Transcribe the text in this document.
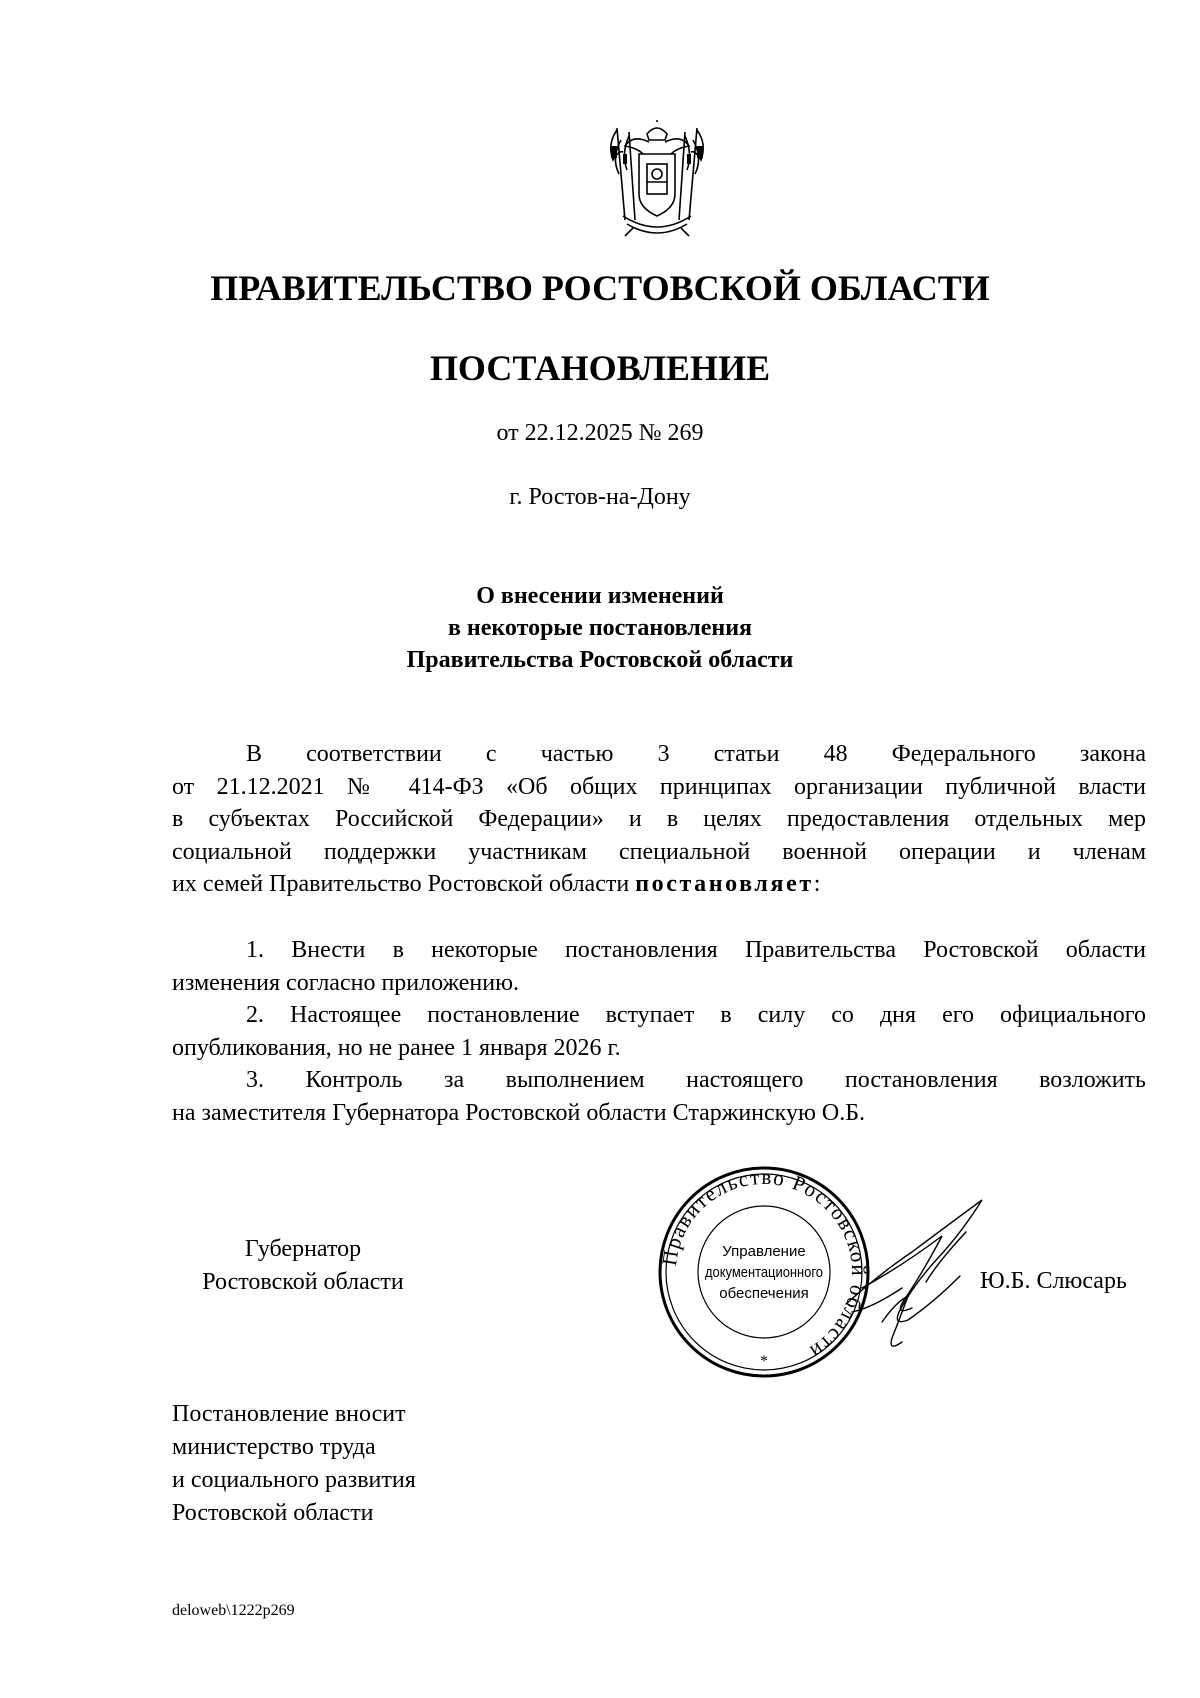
ПРАВИТЕЛЬСТВО РОСТОВСКОЙ ОБЛАСТИ
ПОСТАНОВЛЕНИЕ
от 22.12.2025 № 269
г. Ростов-на-Дону
О внесении изменений
в некоторые постановления
Правительства Ростовской области
В соответствии с частью 3 статьи 48 Федерального закона
от 21.12.2021 № 414-ФЗ «Об общих принципах организации публичной власти
в субъектах Российской Федерации» и в целях предоставления отдельных мер
социальной поддержки участникам специальной военной операции и членам
их семей Правительство Ростовской области постановляет:
1. Внести в некоторые постановления Правительства Ростовской области
изменения согласно приложению.
2. Настоящее постановление вступает в силу со дня его официального
опубликования, но не ранее 1 января 2026 г.
3. Контроль за выполнением настоящего постановления возложить
на заместителя Губернатора Ростовской области Старжинскую О.Б.
Губернатор
Ростовской области
Правительство Ростовской области
Управление
документационного
обеспечения
*
Ю.Б. Слюсарь
Постановление вносит
министерство труда
и социального развития
Ростовской области
deloweb\1222p269
